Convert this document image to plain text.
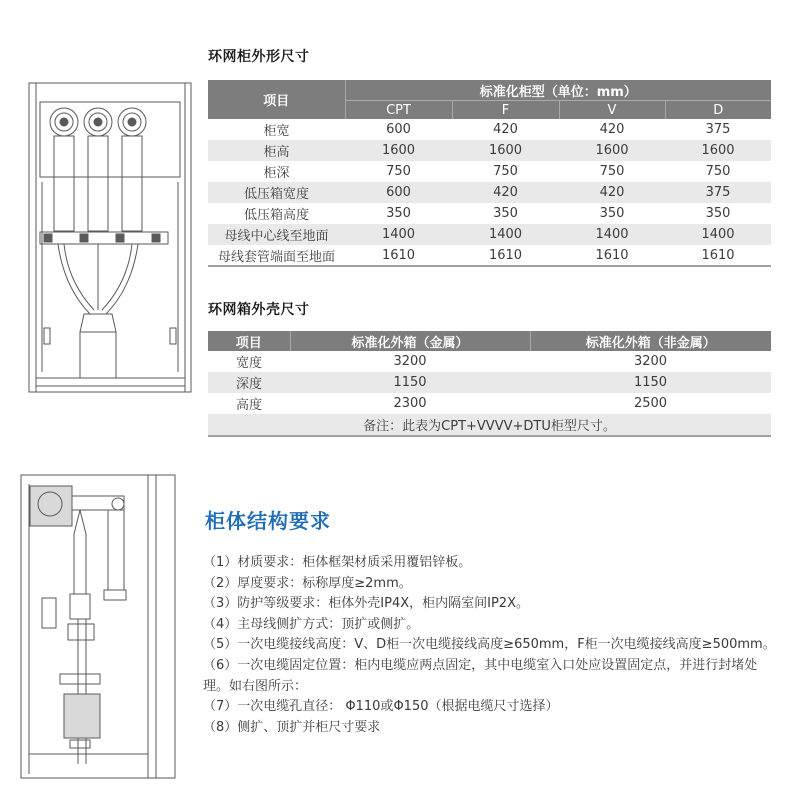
环网柜外形尺寸
项目	标准化柜型（单位：mm）			
	CPT	F	V	D
柜宽	600	420	420	375
柜高	1600	1600	1600	1600
柜深	750	750	750	750
低压箱宽度	600	420	420	375
低压箱高度	350	350	350	350
母线中心线至地面	1400	1400	1400	1400
母线套管端面至地面	1610	1610	1610	1610
环网箱外壳尺寸
项目	标准化外箱（金属）	标准化外箱（非金属）
宽度	3200	3200
深度	1150	1150
高度	2300	2500
备注：此表为CPT+VVVV+DTU柜型尺寸。		
柜体结构要求
（1）材质要求：柜体框架材质采用覆铝锌板。
（2）厚度要求：标称厚度≥2mm。
（3）防护等级要求：柜体外壳IP4X，柜内隔室间IP2X。
（4）主母线侧扩方式：顶扩或侧扩。
（5）一次电缆接线高度：V、D柜一次电缆接线高度≥650mm，F柜一次电缆接线高度≥500mm。
（6）一次电缆固定位置：柜内电缆应两点固定，其中电缆室入口处应设置固定点，并进行封堵处理。如右图所示：
（7）一次电缆孔直径： Φ110或Φ150（根据电缆尺寸选择）
（8）侧扩、顶扩并柜尺寸要求
